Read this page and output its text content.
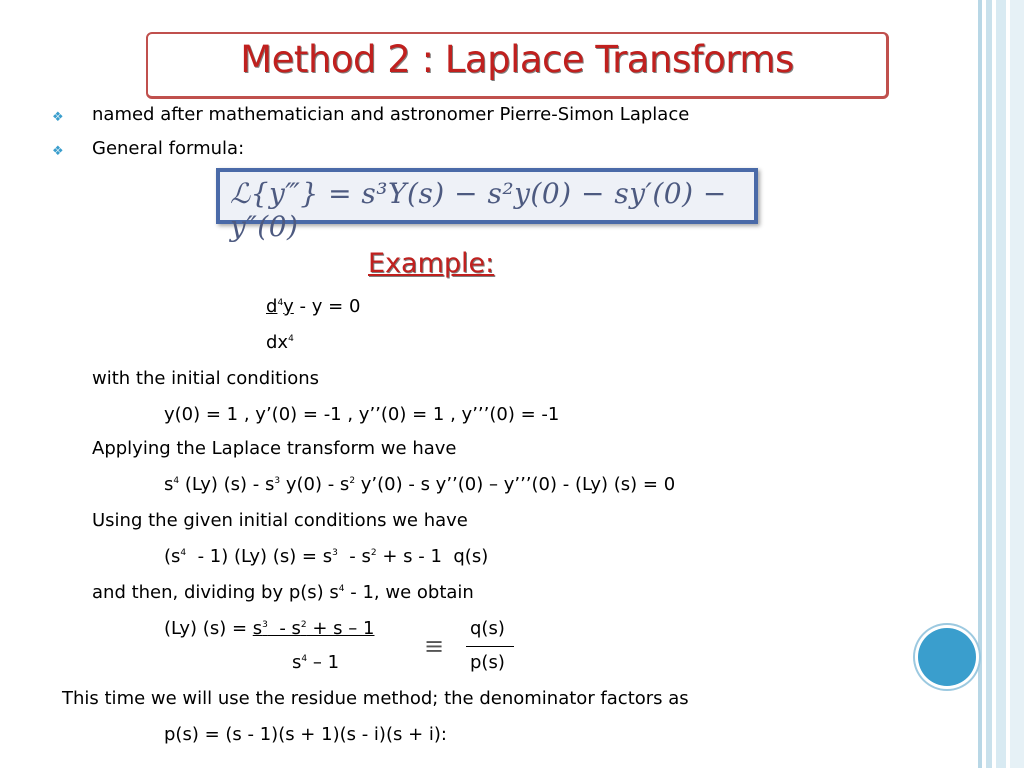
Method 2 : Laplace Transforms
❖ named after mathematician and astronomer Pierre-Simon Laplace
❖ General formula:
ℒ{y‴} = s³Y(s) − s²y(0) − sy′(0) − y″(0)
Example:
$d^4y - y = 0$
$dx^4$
with the initial conditions
y(0) = 1 , y’(0) = -1 , y’’(0) = 1 , y’’’(0) = -1
Applying the Laplace transform we have
$s^4$ (Ly) $(s) - s^3$ $y(0) - s^2$ y’(0) - s y’’(0) – y’’’(0) - (Ly) (s) = 0
Using the given initial conditions we have
$(s^4 - 1)$ (Ly) $(s) = s^3 - s^2 + s - 1$  q(s)
and then, dividing by p(s) $s^4 - 1$, we obtain
(Ly) $(s) = s^3 - s^2 + s - 1$
$s^4 - 1$
≡
q(s)
p(s)
This time we will use the residue method; the denominator factors as
p(s) = (s - 1)(s + 1)(s - i)(s + i):
